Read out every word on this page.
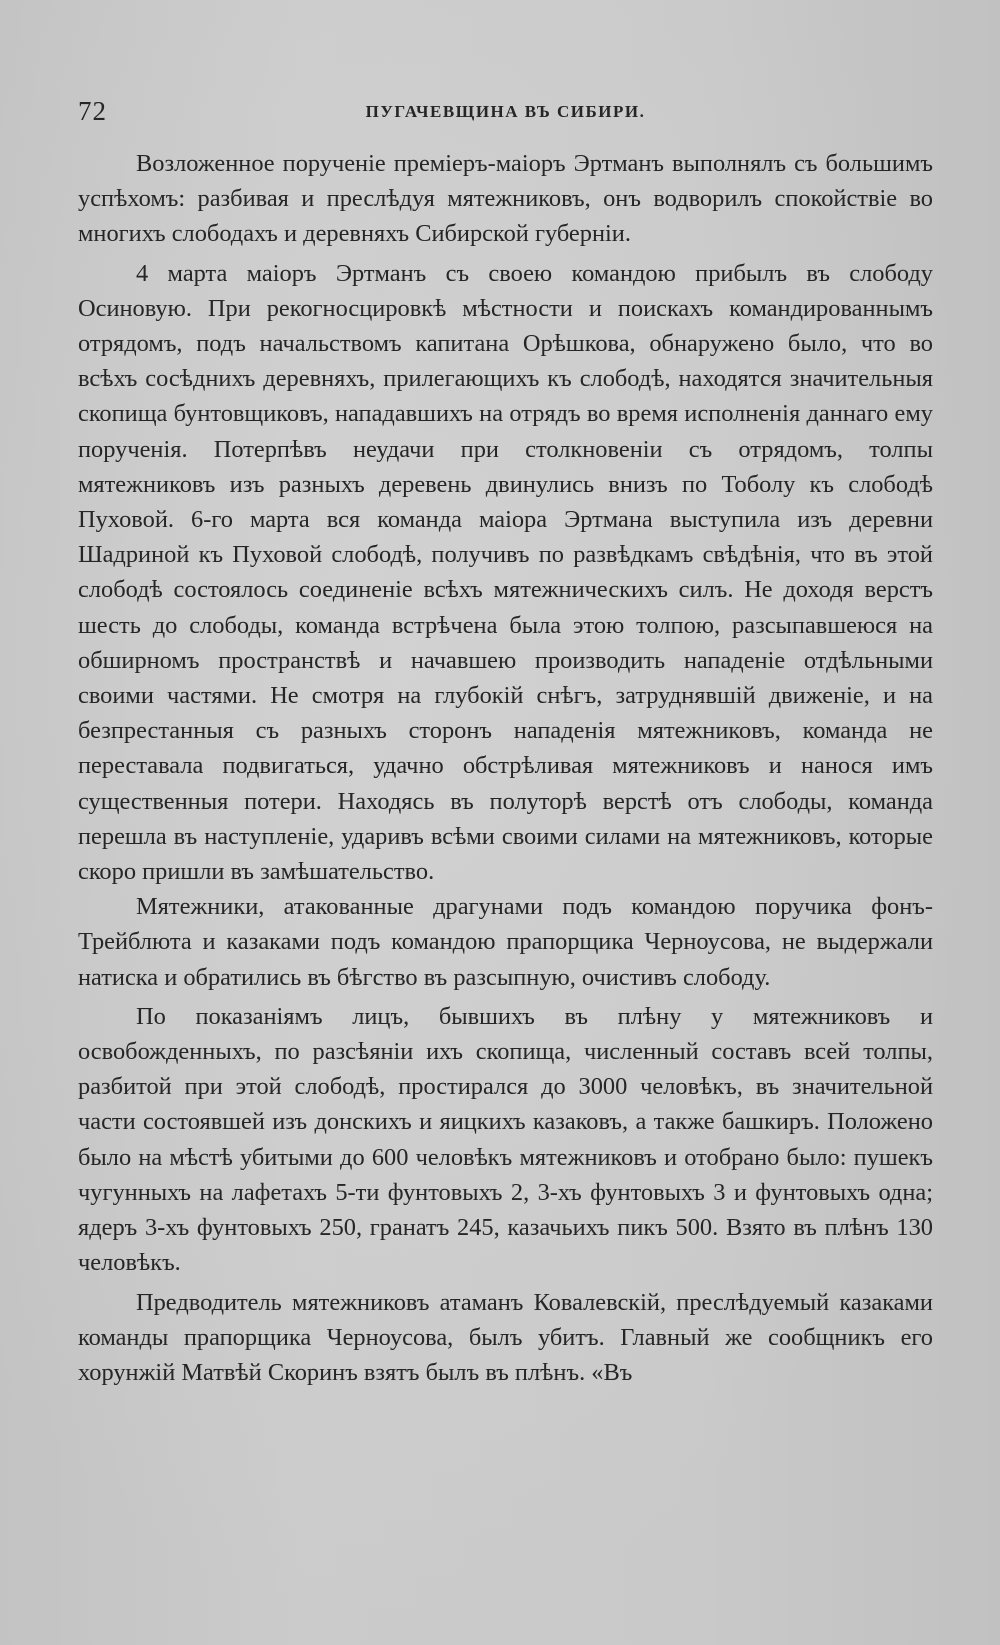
72	ПУГАЧЕВЩИНА ВЪ СИБИРИ.

Возложенное порученіе премiеръ-маiоръ Эртманъ выполнялъ съ большимъ успѣхомъ: разбивая и преслѣдуя мятежниковъ, онъ водворилъ спокойствіе во многихъ слободахъ и деревняхъ Сибирской губерніи.

4 марта маiоръ Эртманъ съ своею командою прибылъ въ слободу Осиновую. При рекогносцировкѣ мѣстности и поискахъ командированнымъ отрядомъ, подъ начальствомъ капитана Орѣшкова, обнаружено было, что во всѣхъ сосѣднихъ деревняхъ, прилегающихъ къ слободѣ, находятся значительныя скопища бунтовщиковъ, нападавшихъ на отрядъ во время исполненія даннаго ему порученія. Потерпѣвъ неудачи при столкновеніи съ отрядомъ, толпы мятежниковъ изъ разныхъ деревень двинулись внизъ по Тоболу къ слободѣ Пуховой. 6-го марта вся команда маiора Эртмана выступила изъ деревни Шадриной къ Пуховой слободѣ, получивъ по развѣдкамъ свѣдѣнія, что въ этой слободѣ состоялось соединеніе всѣхъ мятежническихъ силъ. Не доходя верстъ шесть до слободы, команда встрѣчена была этою толпою, разсыпавшеюся на обширномъ пространствѣ и начавшею производить нападеніе отдѣльными своими частями. Не смотря на глубокій снѣгъ, затруднявшій движеніе, и на безпрестанныя съ разныхъ сторонъ нападенія мятежниковъ, команда не переставала подвигаться, удачно обстрѣливая мятежниковъ и нанося имъ существенныя потери. Находясь въ полуторѣ верстѣ отъ слободы, команда перешла въ наступленіе, ударивъ всѣми своими силами на мятежниковъ, которые скоро пришли въ замѣшательство.

Мятежники, атакованные драгунами подъ командою поручика фонъ-Трейблюта и казаками подъ командою прапорщика Черноусова, не выдержали натиска и обратились въ бѣгство въ разсыпную, очистивъ слободу.

По показаніямъ лицъ, бывшихъ въ плѣну у мятежниковъ и освобожденныхъ, по разсѣяніи ихъ скопища, численный составъ всей толпы, разбитой при этой слободѣ, простирался до 3000 человѣкъ, въ значительной части состоявшей изъ донскихъ и яицкихъ казаковъ, а также башкиръ. Положено было на мѣстѣ убитыми до 600 человѣкъ мятежниковъ и отобрано было: пушекъ чугунныхъ на лафетахъ 5-ти фунтовыхъ 2, 3-хъ фунтовыхъ 3 и фунтовыхъ одна; ядеръ 3-хъ фунтовыхъ 250, гранатъ 245, казачьихъ пикъ 500. Взято въ плѣнъ 130 человѣкъ.

Предводитель мятежниковъ атаманъ Ковалевскій, преслѣдуемый казаками команды прапорщика Черноусова, былъ убитъ. Главный же сообщникъ его хорунжій Матвѣй Скоринъ взятъ былъ въ плѣнъ. «Въ
